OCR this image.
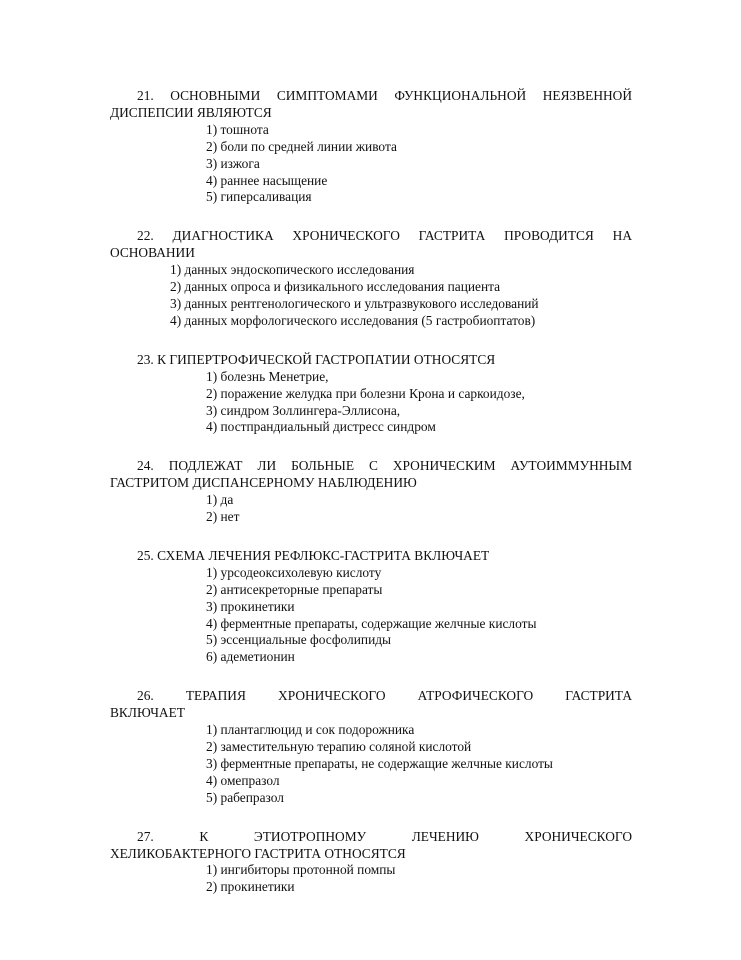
21. ОСНОВНЫМИ СИМПТОМАМИ ФУНКЦИОНАЛЬНОЙ НЕЯЗВЕННОЙ ДИСПЕПСИИ ЯВЛЯЮТСЯ

1) тошнота
2) боли по средней линии живота
3) изжога
4) раннее насыщение
5) гиперсаливация

22. ДИАГНОСТИКА ХРОНИЧЕСКОГО ГАСТРИТА ПРОВОДИТСЯ НА ОСНОВАНИИ

1) данных эндоскопического исследования
2) данных опроса и физикального исследования пациента
3) данных рентгенологического и ультразвукового исследований
4) данных морфологического исследования (5 гастробиоптатов)

23. К ГИПЕРТРОФИЧЕСКОЙ ГАСТРОПАТИИ ОТНОСЯТСЯ

1) болезнь Менетрие,
2) поражение желудка при болезни Крона и саркоидозе,
3) синдром Золлингера-Эллисона,
4) постпрандиальный дистресс синдром

24. ПОДЛЕЖАТ ЛИ БОЛЬНЫЕ С ХРОНИЧЕСКИМ АУТОИММУННЫМ ГАСТРИТОМ ДИСПАНСЕРНОМУ НАБЛЮДЕНИЮ

1) да
2) нет

25. СХЕМА ЛЕЧЕНИЯ РЕФЛЮКС-ГАСТРИТА ВКЛЮЧАЕТ

1) урсодеоксихолевую кислоту
2) антисекреторные препараты
3) прокинетики
4) ферментные препараты, содержащие желчные кислоты
5) эссенциальные фосфолипиды
6) адеметионин

26. ТЕРАПИЯ ХРОНИЧЕСКОГО АТРОФИЧЕСКОГО ГАСТРИТА

ВКЛЮЧАЕТ

1) плантаглюцид и сок подорожника
2) заместительную терапию соляной кислотой
3) ферментные препараты, не содержащие желчные кислоты
4) омепразол
5) рабепразол

27. К ЭТИОТРОПНОМУ ЛЕЧЕНИЮ ХРОНИЧЕСКОГО

ХЕЛИКОБАКТЕРНОГО ГАСТРИТА ОТНОСЯТСЯ

1) ингибиторы протонной помпы
2) прокинетики
